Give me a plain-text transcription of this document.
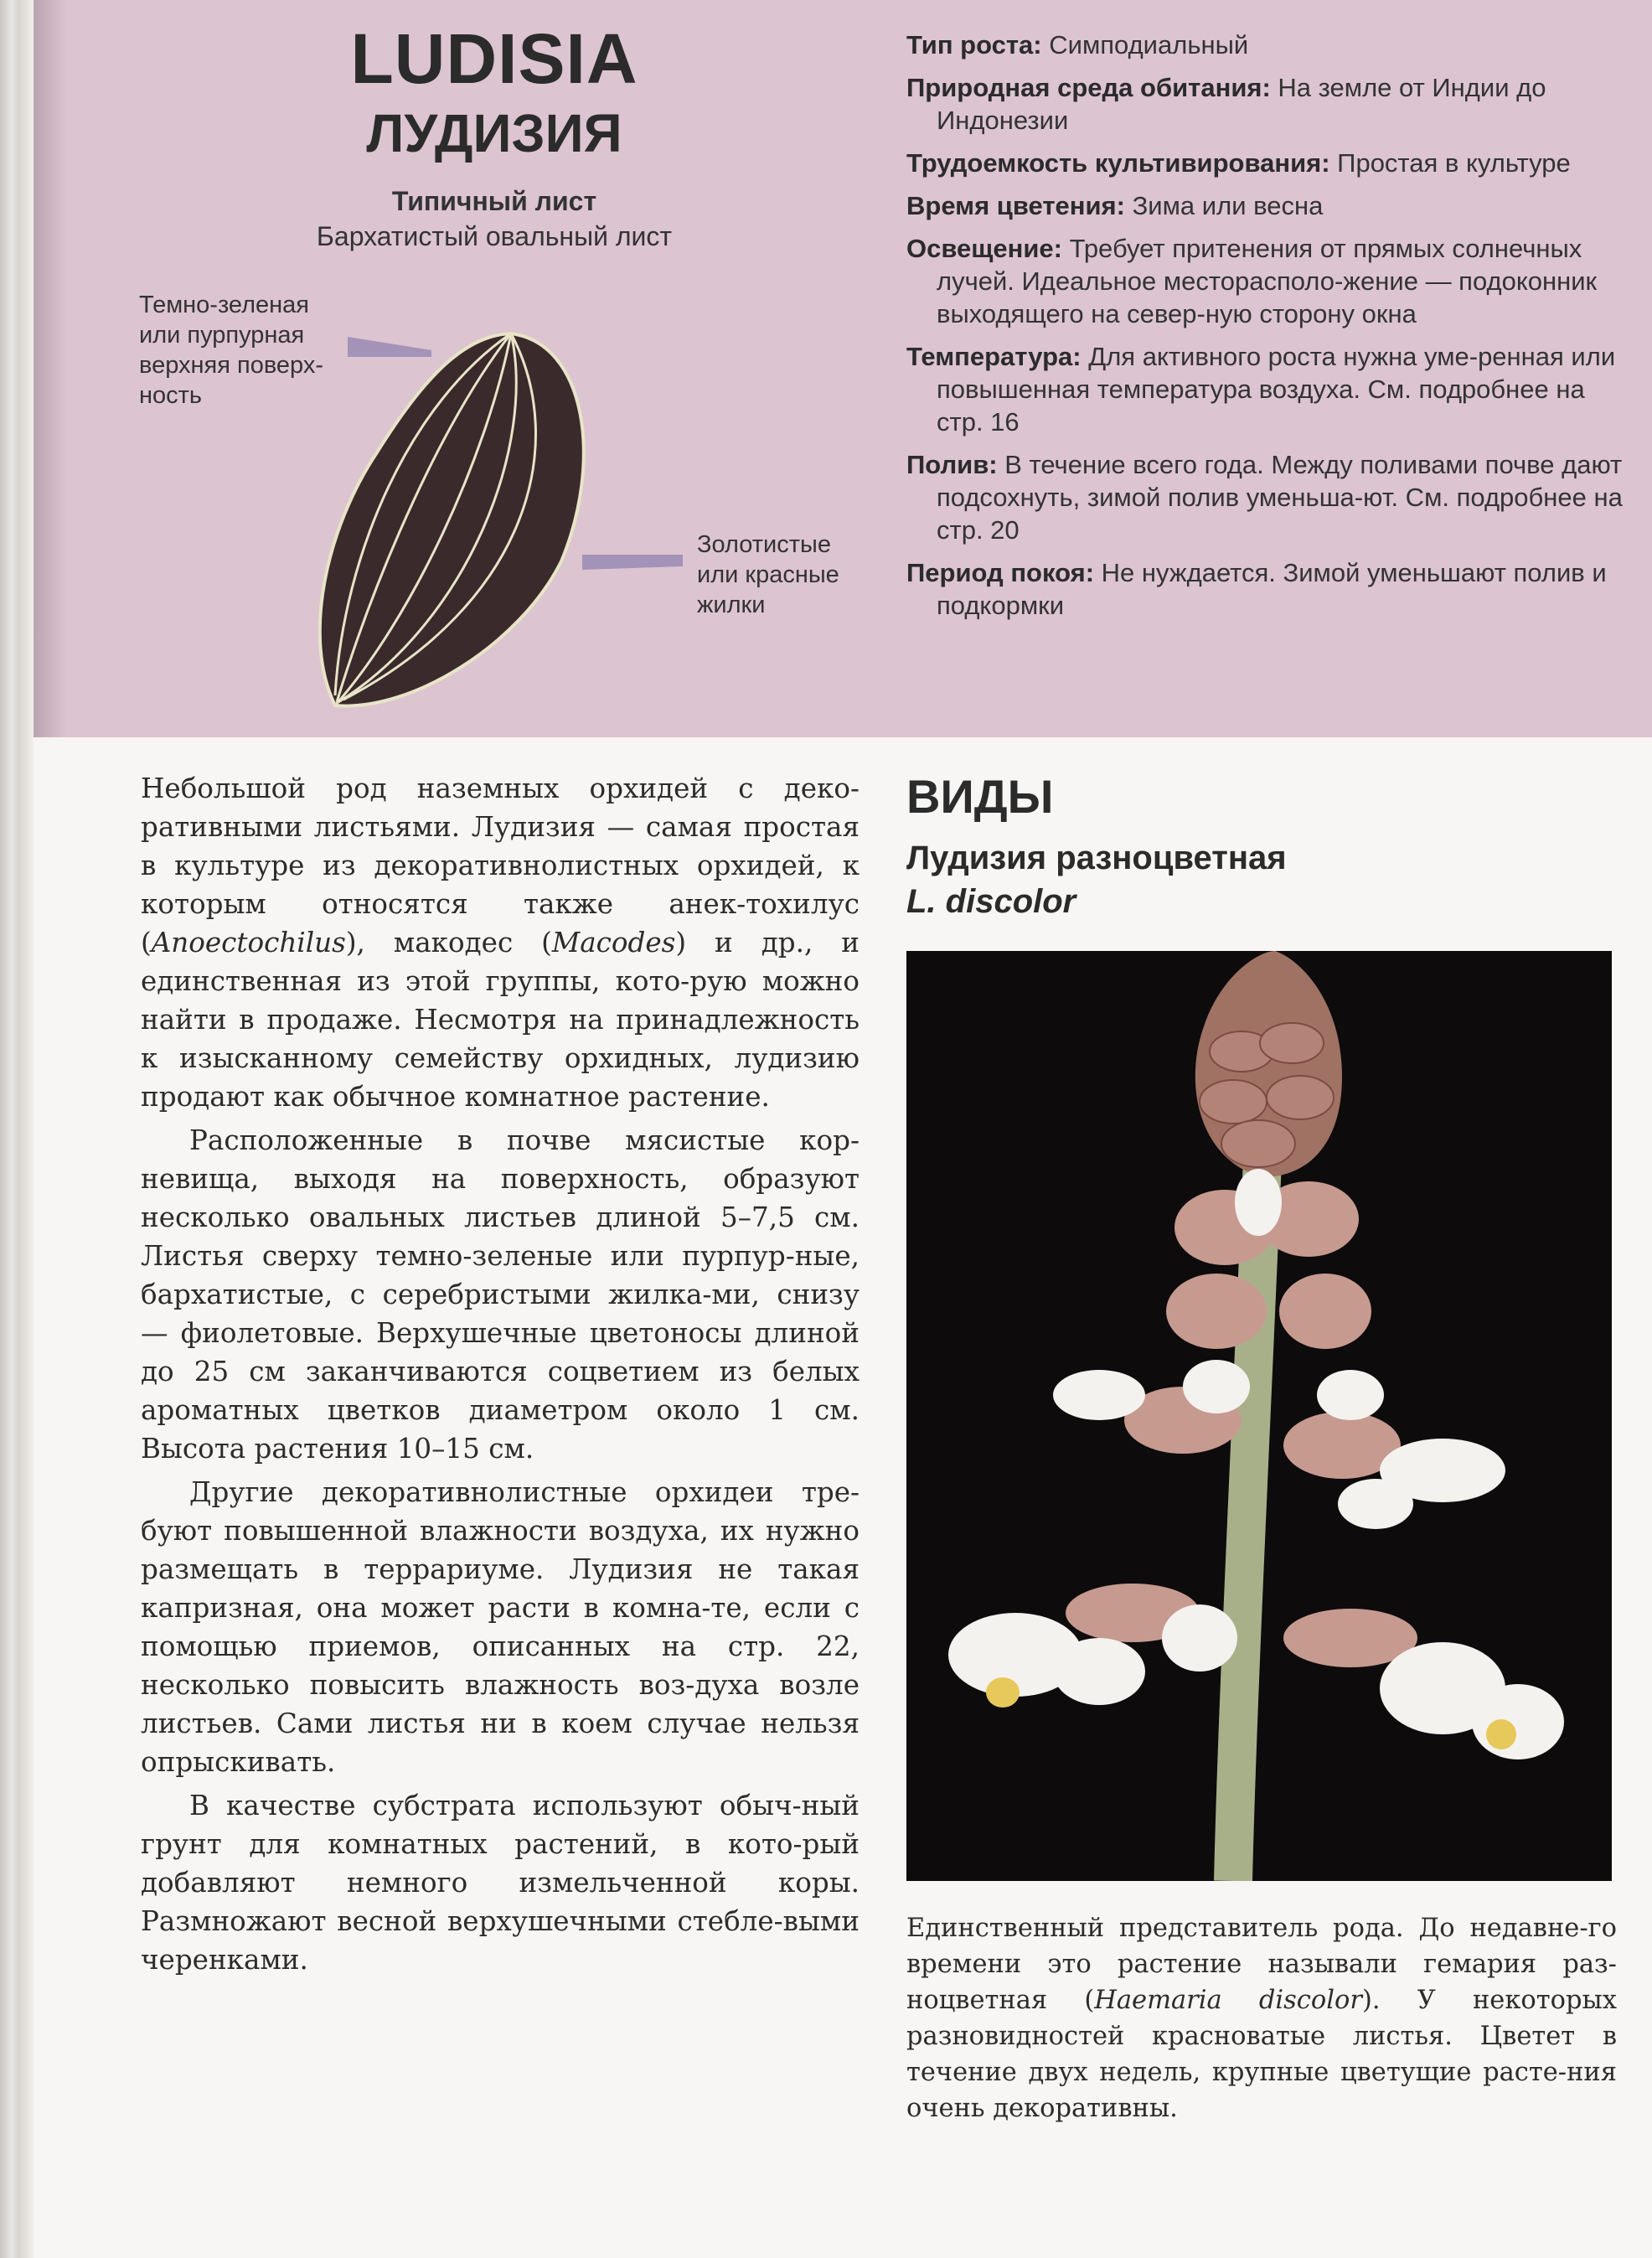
LUDISIA
ЛУДИЗИЯ
Типичный лист
Бархатистый овальный лист
Темно-зеленая
или пурпурная
верхняя поверх-
ность
Золотистые
или красные
жилки
Тип роста: Симподиальный
Природная среда обитания: На земле от Индии до Индонезии
Трудоемкость культивирования: Простая в культуре
Время цветения: Зима или весна
Освещение: Требует притенения от прямых солнечных лучей. Идеальное месторасполо-жение — подоконник выходящего на север-ную сторону окна
Температура: Для активного роста нужна уме-ренная или повышенная температура воздуха. См. подробнее на стр. 16
Полив: В течение всего года. Между поливами почве дают подсохнуть, зимой полив уменьша-ют. См. подробнее на стр. 20
Период покоя: Не нуждается. Зимой уменьшают полив и подкормки

Небольшой род наземных орхидей с деко-ративными листьями. Лудизия — самая простая в культуре из декоративнолистных орхидей, к которым относятся также анек-тохилус (Anoectochilus), макодес (Macodes) и др., и единственная из этой группы, кото-рую можно найти в продаже. Несмотря на принадлежность к изысканному семейству орхидных, лудизию продают как обычное комнатное растение.

Расположенные в почве мясистые кор-невища, выходя на поверхность, образуют несколько овальных листьев длиной 5–7,5 см. Листья сверху темно-зеленые или пурпур-ные, бархатистые, с серебристыми жилка-ми, снизу — фиолетовые. Верхушечные цветоносы длиной до 25 см заканчиваются соцветием из белых ароматных цветков диаметром около 1 см. Высота растения 10–15 см.

Другие декоративнолистные орхидеи тре-буют повышенной влажности воздуха, их нужно размещать в террариуме. Лудизия не такая капризная, она может расти в комна-те, если с помощью приемов, описанных на стр. 22, несколько повысить влажность воз-духа возле листьев. Сами листья ни в коем случае нельзя опрыскивать.

В качестве субстрата используют обыч-ный грунт для комнатных растений, в кото-рый добавляют немного измельченной коры. Размножают весной верхушечными стебле-выми черенками.

ВИДЫ
Лудизия разноцветная
L. discolor
Единственный представитель рода. До недавне-го времени это растение называли гемария раз-ноцветная (Haemaria discolor). У некоторых разновидностей красноватые листья. Цветет в течение двух недель, крупные цветущие расте-ния очень декоративны.
